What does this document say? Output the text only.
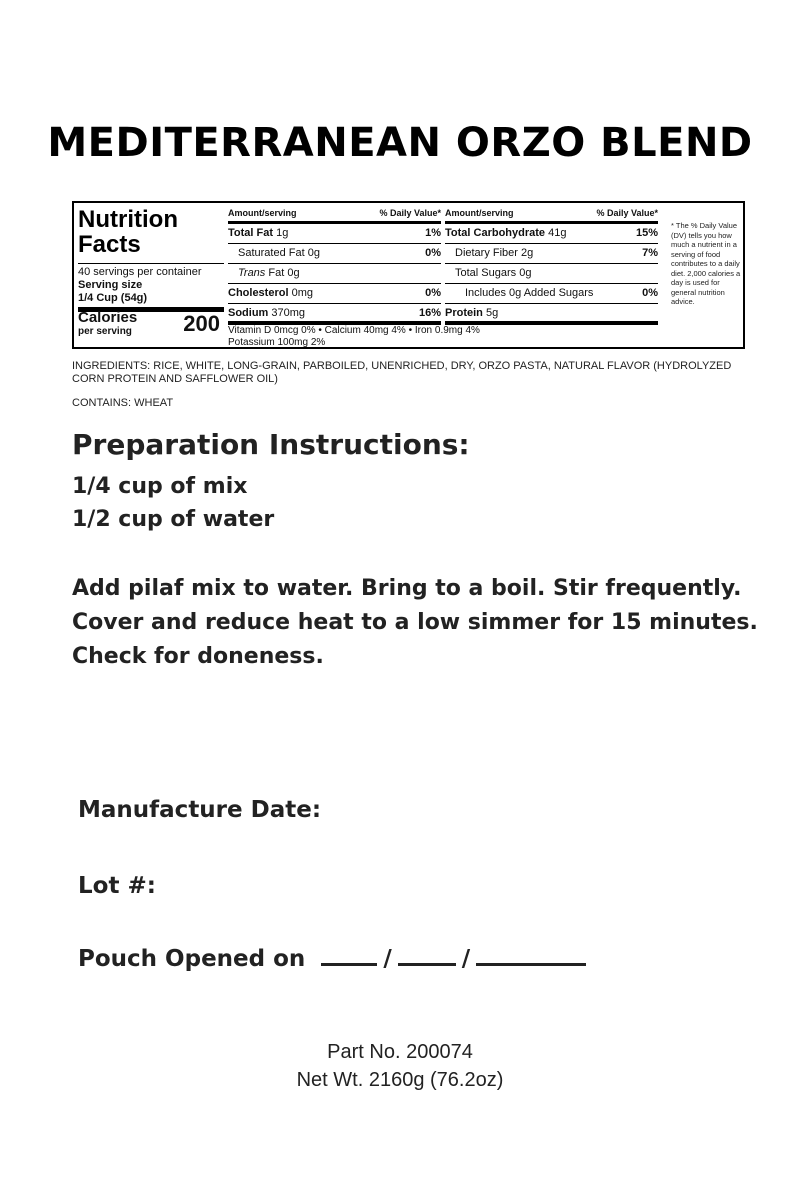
MEDITERRANEAN ORZO BLEND
Nutrition
Facts
40 servings per container
Serving size
1/4 Cup (54g)
Calories
per serving 200
Amount/serving	% Daily Value*
Total Fat 1g	1%
Saturated Fat 0g	0%
Trans Fat 0g
Cholesterol 0mg	0%
Sodium 370mg	16%
Amount/serving	% Daily Value*
Total Carbohydrate 41g	15%
Dietary Fiber 2g	7%
Total Sugars 0g
Includes 0g Added Sugars	0%
Protein 5g
Vitamin D 0mcg 0% • Calcium 40mg 4% • Iron 0.9mg 4%
Potassium 100mg 2%
* The % Daily Value (DV) tells you how much a nutrient in a serving of food contributes to a daily diet. 2,000 calories a day is used for general nutrition advice.
INGREDIENTS: RICE, WHITE, LONG-GRAIN, PARBOILED, UNENRICHED, DRY, ORZO PASTA, NATURAL FLAVOR (HYDROLYZED CORN PROTEIN AND SAFFLOWER OIL)
CONTAINS: WHEAT
Preparation Instructions:
1/4 cup of mix
1/2 cup of water
Add pilaf mix to water. Bring to a boil. Stir frequently. Cover and reduce heat to a low simmer for 15 minutes. Check for doneness.
Manufacture Date:
Lot #:
Pouch Opened on	/	/
Part No. 200074
Net Wt. 2160g (76.2oz)
